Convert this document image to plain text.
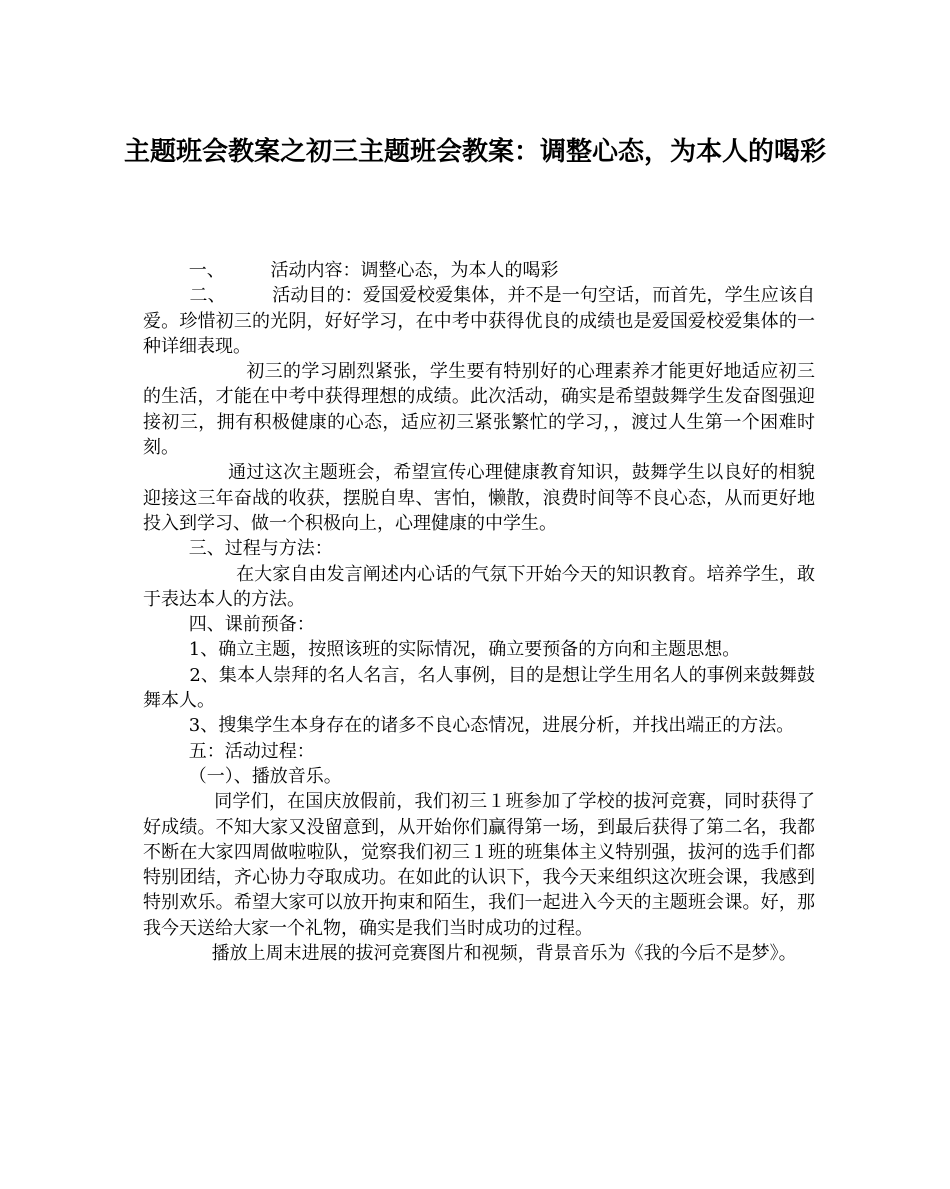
主题班会教案之初三主题班会教案：调整心态，为本人的喝彩

一、        活动内容：调整心态，为本人的喝彩

二、        活动目的：爱国爱校爱集体，并不是一句空话，而首先，学生应该自爱。珍惜初三的光阴，好好学习，在中考中获得优良的成绩也是爱国爱校爱集体的一种详细表现。

初三的学习剧烈紧张，学生要有特别好的心理素养才能更好地适应初三的生活，才能在中考中获得理想的成绩。此次活动，确实是希望鼓舞学生发奋图强迎接初三，拥有积极健康的心态，适应初三紧张繁忙的学习，，渡过人生第一个困难时刻。

通过这次主题班会，希望宣传心理健康教育知识，鼓舞学生以良好的相貌迎接这三年奋战的收获，摆脱自卑、害怕，懒散，浪费时间等不良心态，从而更好地投入到学习、做一个积极向上，心理健康的中学生。

三、过程与方法：

在大家自由发言阐述内心话的气氛下开始今天的知识教育。培养学生，敢于表达本人的方法。

四、课前预备：

1、确立主题，按照该班的实际情况，确立要预备的方向和主题思想。

2、集本人崇拜的名人名言，名人事例，目的是想让学生用名人的事例来鼓舞鼓舞本人。

3、搜集学生本身存在的诸多不良心态情况，进展分析，并找出端正的方法。

五：活动过程：

（一）、播放音乐。

同学们，在国庆放假前，我们初三１班参加了学校的拔河竞赛，同时获得了好成绩。不知大家又没留意到，从开始你们赢得第一场，到最后获得了第二名，我都不断在大家四周做啦啦队，觉察我们初三１班的班集体主义特别强，拔河的选手们都特别团结，齐心协力夺取成功。在如此的认识下，我今天来组织这次班会课，我感到特别欢乐。希望大家可以放开拘束和陌生，我们一起进入今天的主题班会课。好，那我今天送给大家一个礼物，确实是我们当时成功的过程。

播放上周末进展的拔河竞赛图片和视频，背景音乐为《我的今后不是梦》。
